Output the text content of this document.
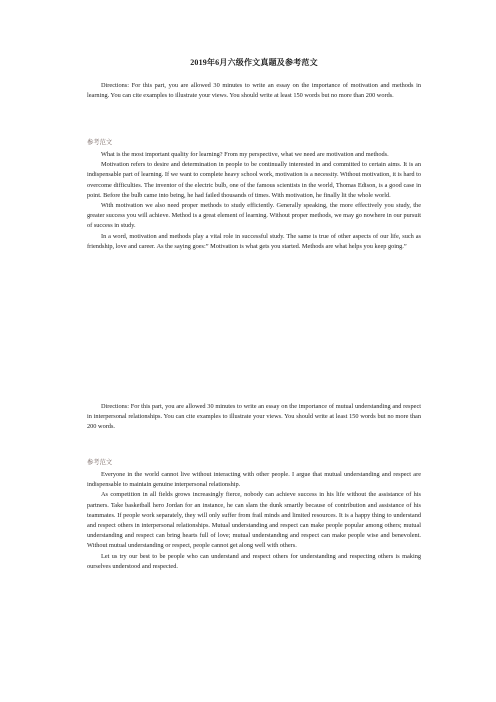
2019年6月六级作文真题及参考范文

Directions: For this part, you are allowed 30 minutes to write an essay on the importance of motivation and methods in learning. You can cite examples to illustrate your views. You should write at least 150 words but no more than 200 words.

参考范文

What is the most important quality for learning? From my perspective, what we need are motivation and methods.

Motivation refers to desire and determination in people to be continually interested in and committed to certain aims. It is an indispensable part of learning. If we want to complete heavy school work, motivation is a necessity. Without motivation, it is hard to overcome difficulties. The inventor of the electric bulb, one of the famous scientists in the world, Thomas Edison, is a good case in point. Before the bulb came into being, he had failed thousands of times. With motivation, he finally lit the whole world.

With motivation we also need proper methods to study efficiently. Generally speaking, the more effectively you study, the greater success you will achieve. Method is a great element of learning. Without proper methods, we may go nowhere in our pursuit of success in study.

In a word, motivation and methods play a vital role in successful study. The same is true of other aspects of our life, such as friendship, love and career. As the saying goes:” Motivation is what gets you started. Methods are what helps you keep going.”

Directions: For this part, you are allowed 30 minutes to write an essay on the importance of mutual understanding and respect in interpersonal relationships. You can cite examples to illustrate your views. You should write at least 150 words but no more than 200 words.

参考范文

Everyone in the world cannot live without interacting with other people. I argue that mutual understanding and respect are indispensable to maintain genuine interpersonal relationship.

As competition in all fields grows increasingly fierce, nobody can achieve success in his life without the assistance of his partners. Take basketball hero Jordan for an instance, he can slam the dunk smartly because of contribution and assistance of his teammates. If people work separately, they will only suffer from frail minds and limited resources. It is a happy thing to understand and respect others in interpersonal relationships. Mutual understanding and respect can make people popular among others; mutual understanding and respect can bring hearts full of love; mutual understanding and respect can make people wise and benevolent. Without mutual understanding or respect, people cannot get along well with others.

Let us try our best to be people who can understand and respect others for understanding and respecting others is making ourselves understood and respected.
